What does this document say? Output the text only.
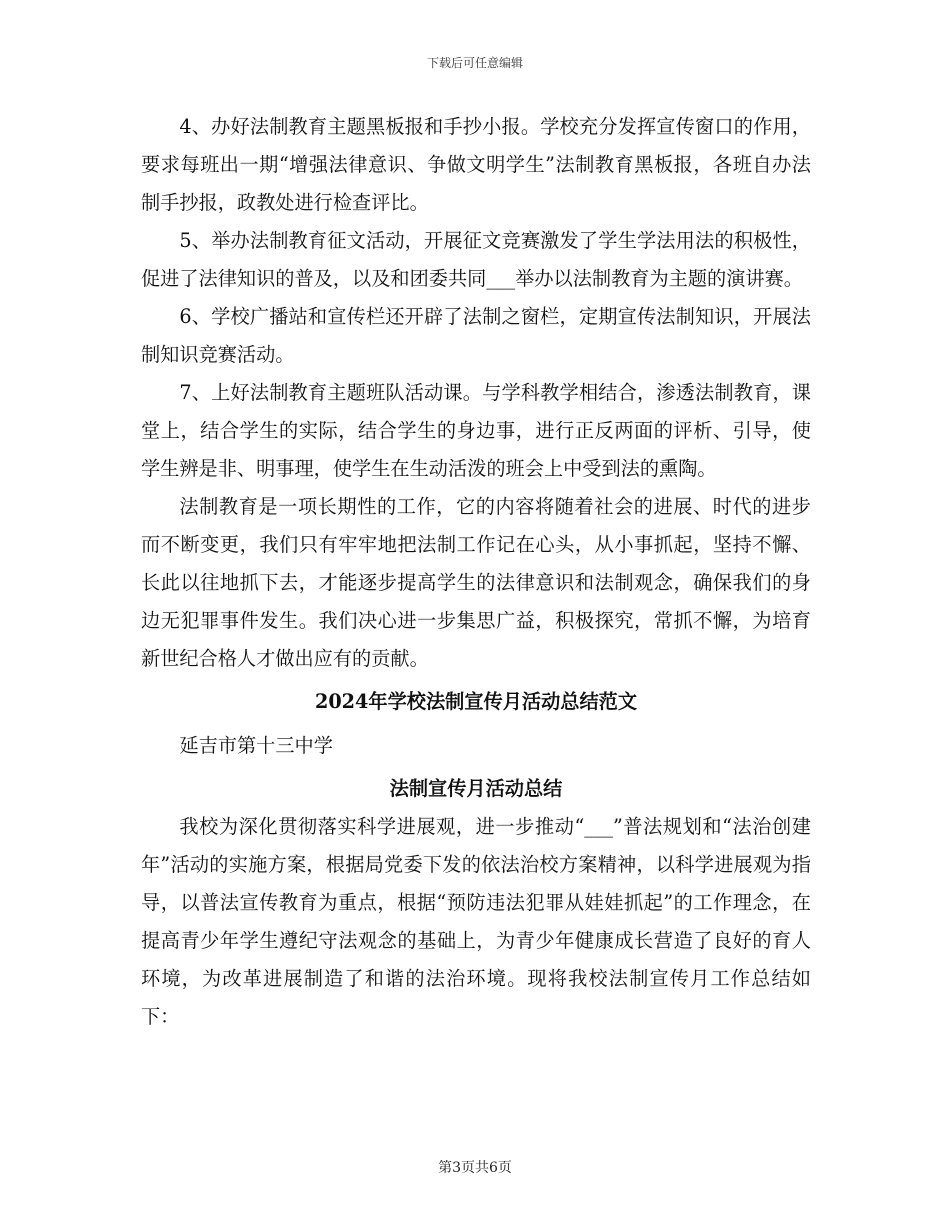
下载后可任意编辑

4、办好法制教育主题黑板报和手抄小报。学校充分发挥宣传窗口的作用，要求每班出一期“增强法律意识、争做文明学生”法制教育黑板报，各班自办法制手抄报，政教处进行检查评比。

5、举办法制教育征文活动，开展征文竞赛激发了学生学法用法的积极性，促进了法律知识的普及，以及和团委共同___举办以法制教育为主题的演讲赛。

6、学校广播站和宣传栏还开辟了法制之窗栏，定期宣传法制知识，开展法制知识竞赛活动。

7、上好法制教育主题班队活动课。与学科教学相结合，渗透法制教育，课堂上，结合学生的实际，结合学生的身边事，进行正反两面的评析、引导，使学生辨是非、明事理，使学生在生动活泼的班会上中受到法的熏陶。

法制教育是一项长期性的工作，它的内容将随着社会的进展、时代的进步而不断变更，我们只有牢牢地把法制工作记在心头，从小事抓起，坚持不懈、长此以往地抓下去，才能逐步提高学生的法律意识和法制观念，确保我们的身边无犯罪事件发生。我们决心进一步集思广益，积极探究，常抓不懈，为培育新世纪合格人才做出应有的贡献。

2024年学校法制宣传月活动总结范文

延吉市第十三中学

法制宣传月活动总结

我校为深化贯彻落实科学进展观，进一步推动“___”普法规划和“法治创建年”活动的实施方案，根据局党委下发的依法治校方案精神，以科学进展观为指导，以普法宣传教育为重点，根据“预防违法犯罪从娃娃抓起”的工作理念，在提高青少年学生遵纪守法观念的基础上，为青少年健康成长营造了良好的育人环境，为改革进展制造了和谐的法治环境。现将我校法制宣传月工作总结如下：

第3页共6页
